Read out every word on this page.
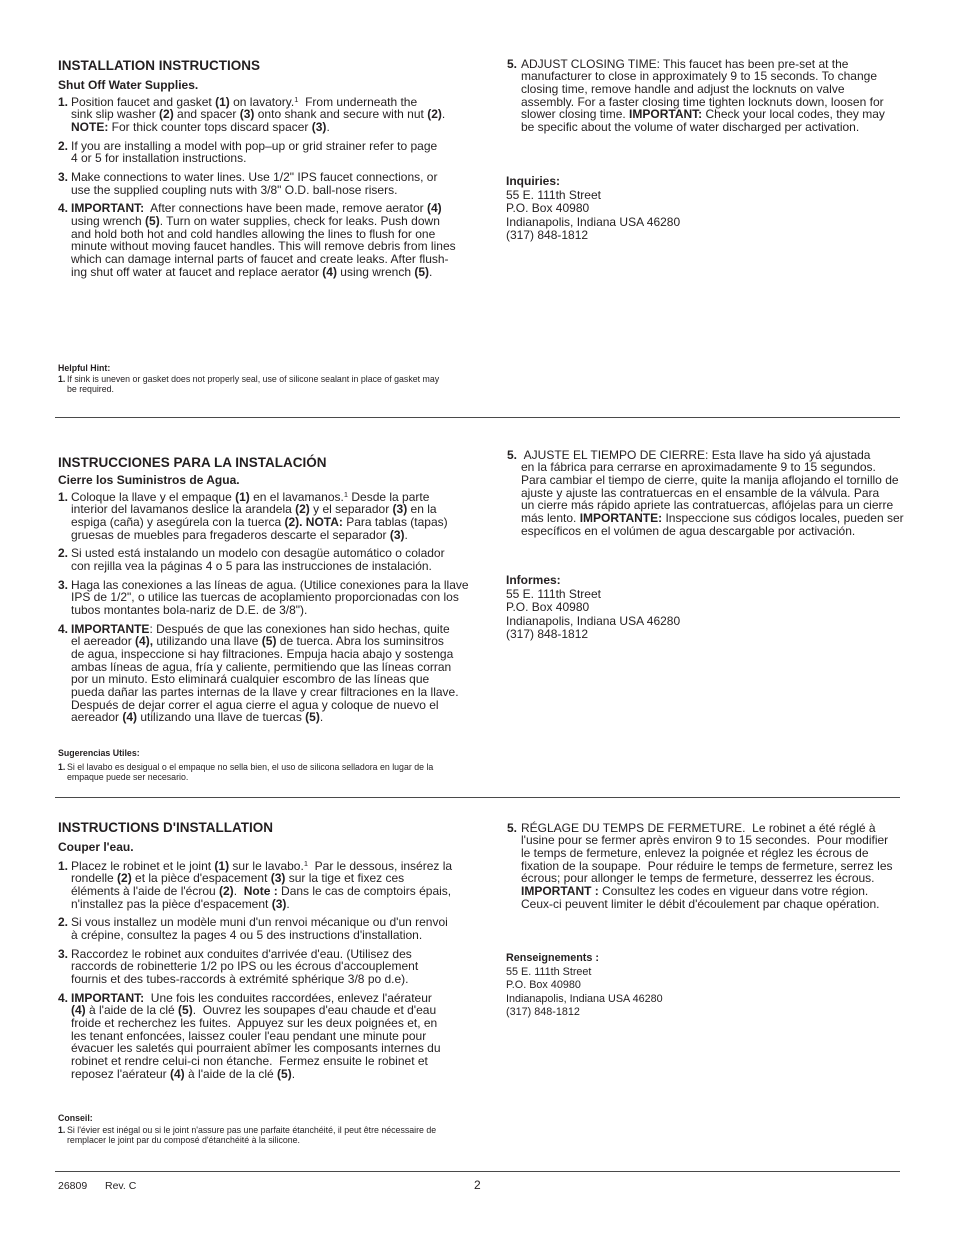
INSTALLATION INSTRUCTIONS
Shut Off Water Supplies.
1. Position faucet and gasket (1) on lavatory.$^1$  From underneath the
sink slip washer (2) and spacer (3) onto shank and secure with nut (2).
NOTE: For thick counter tops discard spacer (3).
2. If you are installing a model with pop–up or grid strainer refer to page
4 or 5 for installation instructions.
3. Make connections to water lines. Use 1/2" IPS faucet connections, or
use the supplied coupling nuts with 3/8" O.D. ball-nose risers.
4. IMPORTANT:  After connections have been made, remove aerator (4)
using wrench (5). Turn on water supplies, check for leaks. Push down
and hold both hot and cold handles allowing the lines to flush for one
minute without moving faucet handles. This will remove debris from lines
which can damage internal parts of faucet and create leaks. After flush-
ing shut off water at faucet and replace aerator (4) using wrench (5).
Helpful Hint:
1. If sink is uneven or gasket does not properly seal, use of silicone sealant in place of gasket may
be required.
5. ADJUST CLOSING TIME: This faucet has been pre-set at the
manufacturer to close in approximately 9 to 15 seconds. To change
closing time, remove handle and adjust the locknuts on valve
assembly. For a faster closing time tighten locknuts down, loosen for
slower closing time. IMPORTANT: Check your local codes, they may
be specific about the volume of water discharged per activation.
Inquiries:
55 E. 111th Street
P.O. Box 40980
Indianapolis, Indiana USA 46280
(317) 848-1812
INSTRUCCIONES PARA LA INSTALACIÓN
Cierre los Suministros de Agua.
1. Coloque la llave y el empaque (1) en el lavamanos.$^1$ Desde la parte
interior del lavamanos deslice la arandela (2) y el separador (3) en la
espiga (caña) y asegúrela con la tuerca (2). NOTA: Para tablas (tapas)
gruesas de muebles para fregaderos descarte el separador (3).
2. Si usted está instalando un modelo con desagüe automático o colador
con rejilla vea la páginas 4 o 5 para las instrucciones de instalación.
3. Haga las conexiones a las líneas de agua. (Utilice conexiones para la llave
IPS de 1/2", o utilice las tuercas de acoplamiento proporcionadas con los
tubos montantes bola-nariz de D.E. de 3/8").
4. IMPORTANTE: Después de que las conexiones han sido hechas, quite
el aereador (4), utilizando una llave (5) de tuerca. Abra los suminsitros
de agua, inspeccione si hay filtraciones. Empuja hacia abajo y sostenga
ambas líneas de agua, fría y caliente, permitiendo que las líneas corran
por un minuto. Esto eliminará cualquier escombro de las líneas que
pueda dañar las partes internas de la llave y crear filtraciones en la llave.
Después de dejar correr el agua cierre el agua y coloque de nuevo el
aereador (4) utilizando una llave de tuercas (5).
Sugerencias Utiles:
1. Si el lavabo es desigual o el empaque no sella bien, el uso de silicona selladora en lugar de la
empaque puede ser necesario.
5. AJUSTE EL TIEMPO DE CIERRE: Esta llave ha sido yá ajustada
en la fábrica para cerrarse en aproximadamente 9 to 15 segundos.
Para cambiar el tiempo de cierre, quite la manija aflojando el tornillo de
ajuste y ajuste las contratuercas en el ensamble de la válvula. Para
un cierre más rápido apriete las contratuercas, aflójelas para un cierre
más lento. IMPORTANTE: Inspeccione sus códigos locales, pueden ser
específicos en el volúmen de agua descargable por activación.
Informes:
55 E. 111th Street
P.O. Box 40980
Indianapolis, Indiana USA 46280
(317) 848-1812
INSTRUCTIONS D'INSTALLATION
Couper l'eau.
1. Placez le robinet et le joint (1) sur le lavabo.$^1$  Par le dessous, insérez la
rondelle (2) et la pièce d'espacement (3) sur la tige et fixez ces
éléments à l'aide de l'écrou (2).  Note : Dans le cas de comptoirs épais,
n'installez pas la pièce d'espacement (3).
2. Si vous installez un modèle muni d'un renvoi mécanique ou d'un renvoi
à crépine, consultez la pages 4 ou 5 des instructions d'installation.
3. Raccordez le robinet aux conduites d'arrivée d'eau. (Utilisez des
raccords de robinetterie 1/2 po IPS ou les écrous d'accouplement
fournis et des tubes-raccords à extrémité sphérique 3/8 po d.e).
4. IMPORTANT:  Une fois les conduites raccordées, enlevez l'aérateur
(4) à l'aide de la clé (5).  Ouvrez les soupapes d'eau chaude et d'eau
froide et recherchez les fuites.  Appuyez sur les deux poignées et, en
les tenant enfoncées, laissez couler l'eau pendant une minute pour
évacuer les saletés qui pourraient abîmer les composants internes du
robinet et rendre celui-ci non étanche.  Fermez ensuite le robinet et
reposez l'aérateur (4) à l'aide de la clé (5).
Conseil:
1. Si l'évier est inégal ou si le joint n'assure pas une parfaite étanchéité, il peut être nécessaire de
remplacer le joint par du composé d'étanchéité à la silicone.
5. RÉGLAGE DU TEMPS DE FERMETURE.  Le robinet a été réglé à
l'usine pour se fermer après environ 9 to 15 secondes.  Pour modifier
le temps de fermeture, enlevez la poignée et réglez les écrous de
fixation de la soupape.  Pour réduire le temps de fermeture, serrez les
écrous; pour allonger le temps de fermeture, desserrez les écrous.
IMPORTANT : Consultez les codes en vigueur dans votre région.
Ceux-ci peuvent limiter le débit d'écoulement par chaque opération.
Renseignements :
55 E. 111th Street
P.O. Box 40980
Indianapolis, Indiana USA 46280
(317) 848-1812
26809 Rev. C	2
